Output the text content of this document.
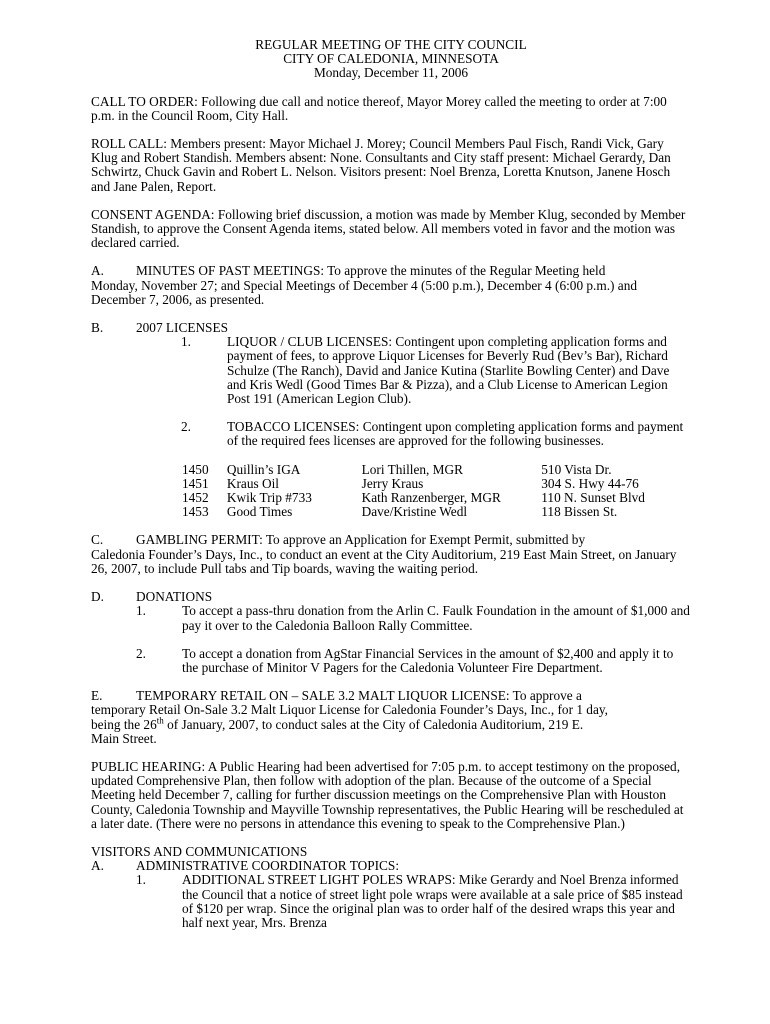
REGULAR MEETING OF THE CITY COUNCIL
CITY OF CALEDONIA, MINNESOTA
Monday, December 11, 2006

CALL TO ORDER: Following due call and notice thereof, Mayor Morey called the meeting to order at 7:00 p.m. in the Council Room, City Hall.

ROLL CALL: Members present: Mayor Michael J. Morey; Council Members Paul Fisch, Randi Vick, Gary Klug and Robert Standish. Members absent: None. Consultants and City staff present: Michael Gerardy, Dan Schwirtz, Chuck Gavin and Robert L. Nelson. Visitors present: Noel Brenza, Loretta Knutson, Janene Hosch and Jane Palen, Report.

CONSENT AGENDA: Following brief discussion, a motion was made by Member Klug, seconded by Member Standish, to approve the Consent Agenda items, stated below. All members voted in favor and the motion was declared carried.

A.	MINUTES OF PAST MEETINGS: To approve the minutes of the Regular Meeting held

Monday, November 27; and Special Meetings of December 4 (5:00 p.m.), December 4 (6:00 p.m.) and December 7, 2006, as presented.

B.	2007 LICENSES
1.	LIQUOR / CLUB LICENSES: Contingent upon completing application forms and payment of fees, to approve Liquor Licenses for Beverly Rud (Bev’s Bar), Richard Schulze (The Ranch), David and Janice Kutina (Starlite Bowling Center) and Dave and Kris Wedl (Good Times Bar & Pizza), and a Club License to American Legion Post 191 (American Legion Club).
2.	TOBACCO LICENSES: Contingent upon completing application forms and payment of the required fees licenses are approved for the following businesses.
1450	Quillin’s IGA	Lori Thillen, MGR	510 Vista Dr.
1451	Kraus Oil	Jerry Kraus	304 S. Hwy 44-76
1452	Kwik Trip #733	Kath Ranzenberger, MGR	110 N. Sunset Blvd
1453	Good Times	Dave/Kristine Wedl	118 Bissen St.
C.	GAMBLING PERMIT: To approve an Application for Exempt Permit, submitted by

Caledonia Founder’s Days, Inc., to conduct an event at the City Auditorium, 219 East Main Street, on January 26, 2007, to include Pull tabs and Tip boards, waving the waiting period.

D.	DONATIONS
1.	To accept a pass-thru donation from the Arlin C. Faulk Foundation in the amount of $1,000 and pay it over to the Caledonia Balloon Rally Committee.
2.	To accept a donation from AgStar Financial Services in the amount of $2,400 and apply it to the purchase of Minitor V Pagers for the Caledonia Volunteer Fire Department.
E.	TEMPORARY RETAIL ON – SALE 3.2 MALT LIQUOR LICENSE: To approve a

temporary Retail On-Sale 3.2 Malt Liquor License for Caledonia Founder’s Days, Inc., for 1 day,

being the 26th of January, 2007, to conduct sales at the City of Caledonia Auditorium, 219 E.

Main Street.

PUBLIC HEARING: A Public Hearing had been advertised for 7:05 p.m. to accept testimony on the proposed, updated Comprehensive Plan, then follow with adoption of the plan. Because of the outcome of a Special Meeting held December 7, calling for further discussion meetings on the Comprehensive Plan with Houston County, Caledonia Township and Mayville Township representatives, the Public Hearing will be rescheduled at a later date. (There were no persons in attendance this evening to speak to the Comprehensive Plan.)

VISITORS AND COMMUNICATIONS

A.	ADMINISTRATIVE COORDINATOR TOPICS:
1.	ADDITIONAL STREET LIGHT POLES WRAPS: Mike Gerardy and Noel Brenza informed the Council that a notice of street light pole wraps were available at a sale price of $85 instead of $120 per wrap. Since the original plan was to order half of the desired wraps this year and half next year, Mrs. Brenza
